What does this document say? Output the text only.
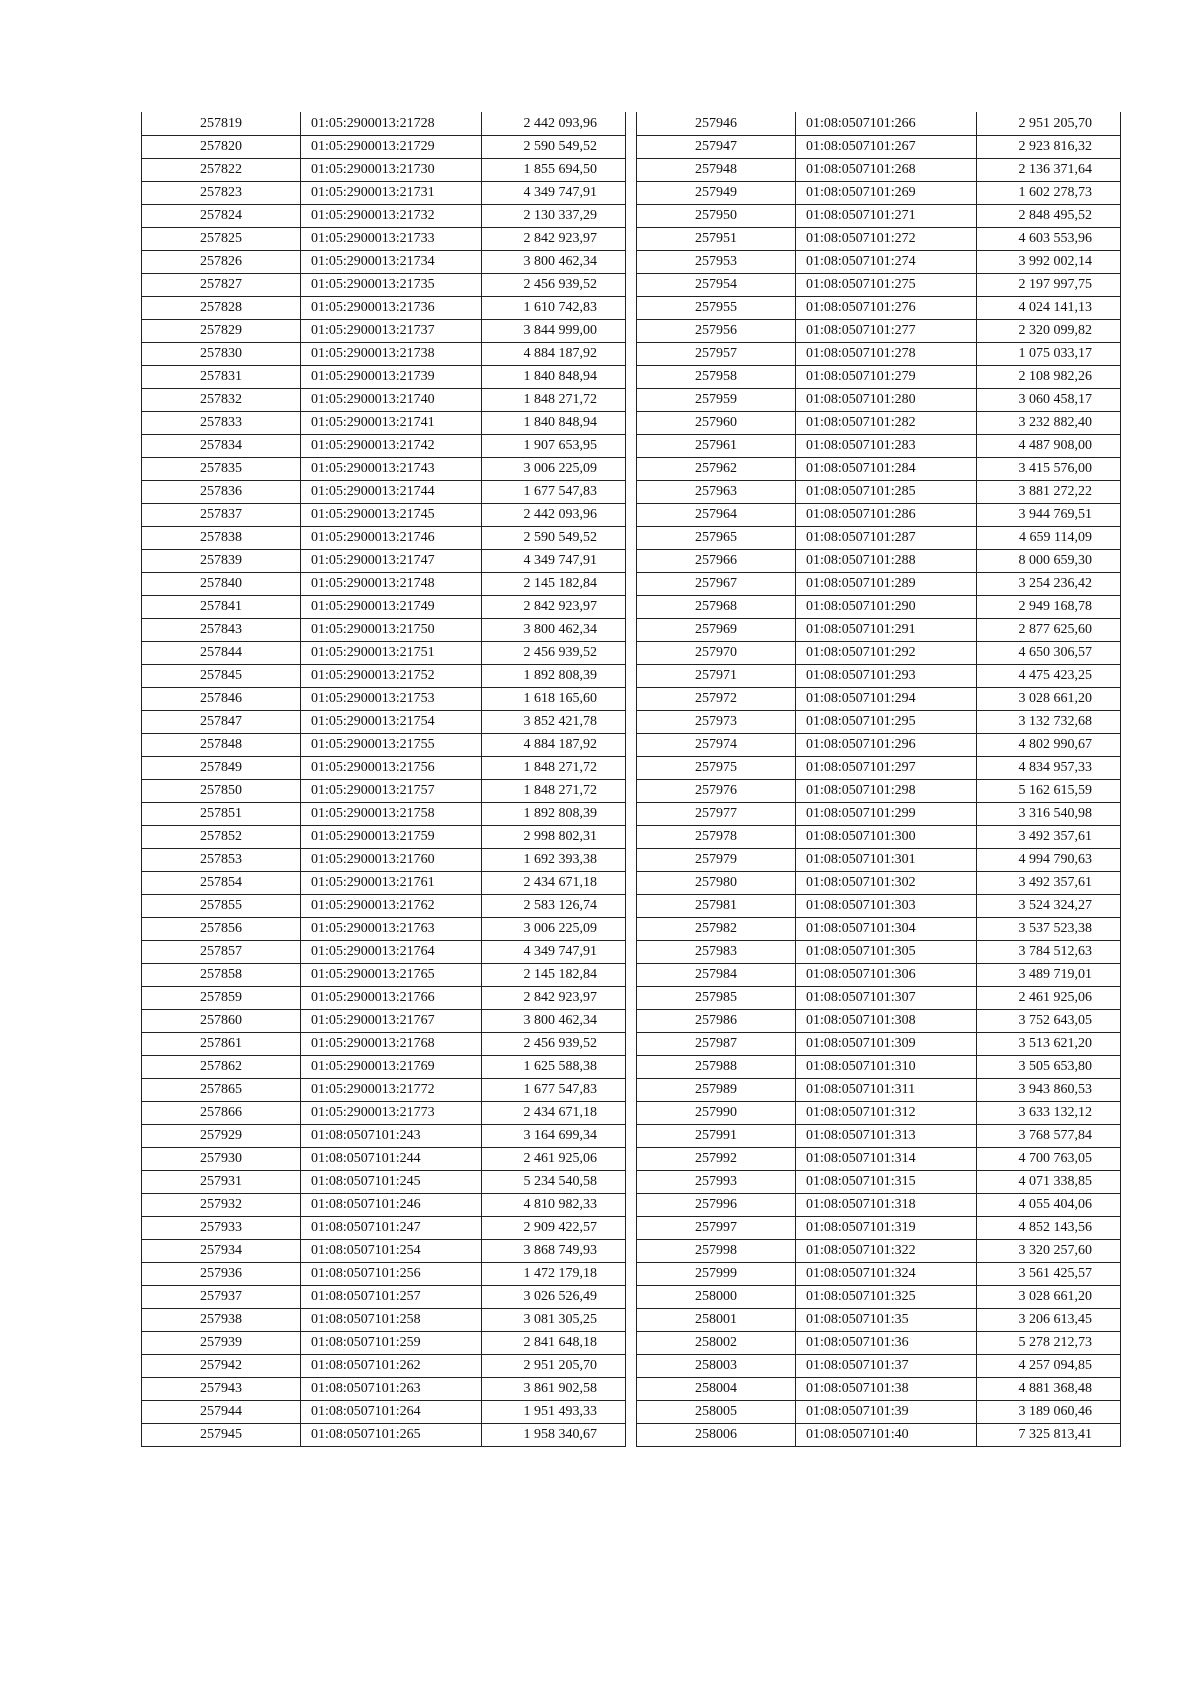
257819	01:05:2900013:21728	2 442 093,96
257820	01:05:2900013:21729	2 590 549,52
257822	01:05:2900013:21730	1 855 694,50
257823	01:05:2900013:21731	4 349 747,91
257824	01:05:2900013:21732	2 130 337,29
257825	01:05:2900013:21733	2 842 923,97
257826	01:05:2900013:21734	3 800 462,34
257827	01:05:2900013:21735	2 456 939,52
257828	01:05:2900013:21736	1 610 742,83
257829	01:05:2900013:21737	3 844 999,00
257830	01:05:2900013:21738	4 884 187,92
257831	01:05:2900013:21739	1 840 848,94
257832	01:05:2900013:21740	1 848 271,72
257833	01:05:2900013:21741	1 840 848,94
257834	01:05:2900013:21742	1 907 653,95
257835	01:05:2900013:21743	3 006 225,09
257836	01:05:2900013:21744	1 677 547,83
257837	01:05:2900013:21745	2 442 093,96
257838	01:05:2900013:21746	2 590 549,52
257839	01:05:2900013:21747	4 349 747,91
257840	01:05:2900013:21748	2 145 182,84
257841	01:05:2900013:21749	2 842 923,97
257843	01:05:2900013:21750	3 800 462,34
257844	01:05:2900013:21751	2 456 939,52
257845	01:05:2900013:21752	1 892 808,39
257846	01:05:2900013:21753	1 618 165,60
257847	01:05:2900013:21754	3 852 421,78
257848	01:05:2900013:21755	4 884 187,92
257849	01:05:2900013:21756	1 848 271,72
257850	01:05:2900013:21757	1 848 271,72
257851	01:05:2900013:21758	1 892 808,39
257852	01:05:2900013:21759	2 998 802,31
257853	01:05:2900013:21760	1 692 393,38
257854	01:05:2900013:21761	2 434 671,18
257855	01:05:2900013:21762	2 583 126,74
257856	01:05:2900013:21763	3 006 225,09
257857	01:05:2900013:21764	4 349 747,91
257858	01:05:2900013:21765	2 145 182,84
257859	01:05:2900013:21766	2 842 923,97
257860	01:05:2900013:21767	3 800 462,34
257861	01:05:2900013:21768	2 456 939,52
257862	01:05:2900013:21769	1 625 588,38
257865	01:05:2900013:21772	1 677 547,83
257866	01:05:2900013:21773	2 434 671,18
257929	01:08:0507101:243	3 164 699,34
257930	01:08:0507101:244	2 461 925,06
257931	01:08:0507101:245	5 234 540,58
257932	01:08:0507101:246	4 810 982,33
257933	01:08:0507101:247	2 909 422,57
257934	01:08:0507101:254	3 868 749,93
257936	01:08:0507101:256	1 472 179,18
257937	01:08:0507101:257	3 026 526,49
257938	01:08:0507101:258	3 081 305,25
257939	01:08:0507101:259	2 841 648,18
257942	01:08:0507101:262	2 951 205,70
257943	01:08:0507101:263	3 861 902,58
257944	01:08:0507101:264	1 951 493,33
257945	01:08:0507101:265	1 958 340,67
257946	01:08:0507101:266	2 951 205,70
257947	01:08:0507101:267	2 923 816,32
257948	01:08:0507101:268	2 136 371,64
257949	01:08:0507101:269	1 602 278,73
257950	01:08:0507101:271	2 848 495,52
257951	01:08:0507101:272	4 603 553,96
257953	01:08:0507101:274	3 992 002,14
257954	01:08:0507101:275	2 197 997,75
257955	01:08:0507101:276	4 024 141,13
257956	01:08:0507101:277	2 320 099,82
257957	01:08:0507101:278	1 075 033,17
257958	01:08:0507101:279	2 108 982,26
257959	01:08:0507101:280	3 060 458,17
257960	01:08:0507101:282	3 232 882,40
257961	01:08:0507101:283	4 487 908,00
257962	01:08:0507101:284	3 415 576,00
257963	01:08:0507101:285	3 881 272,22
257964	01:08:0507101:286	3 944 769,51
257965	01:08:0507101:287	4 659 114,09
257966	01:08:0507101:288	8 000 659,30
257967	01:08:0507101:289	3 254 236,42
257968	01:08:0507101:290	2 949 168,78
257969	01:08:0507101:291	2 877 625,60
257970	01:08:0507101:292	4 650 306,57
257971	01:08:0507101:293	4 475 423,25
257972	01:08:0507101:294	3 028 661,20
257973	01:08:0507101:295	3 132 732,68
257974	01:08:0507101:296	4 802 990,67
257975	01:08:0507101:297	4 834 957,33
257976	01:08:0507101:298	5 162 615,59
257977	01:08:0507101:299	3 316 540,98
257978	01:08:0507101:300	3 492 357,61
257979	01:08:0507101:301	4 994 790,63
257980	01:08:0507101:302	3 492 357,61
257981	01:08:0507101:303	3 524 324,27
257982	01:08:0507101:304	3 537 523,38
257983	01:08:0507101:305	3 784 512,63
257984	01:08:0507101:306	3 489 719,01
257985	01:08:0507101:307	2 461 925,06
257986	01:08:0507101:308	3 752 643,05
257987	01:08:0507101:309	3 513 621,20
257988	01:08:0507101:310	3 505 653,80
257989	01:08:0507101:311	3 943 860,53
257990	01:08:0507101:312	3 633 132,12
257991	01:08:0507101:313	3 768 577,84
257992	01:08:0507101:314	4 700 763,05
257993	01:08:0507101:315	4 071 338,85
257996	01:08:0507101:318	4 055 404,06
257997	01:08:0507101:319	4 852 143,56
257998	01:08:0507101:322	3 320 257,60
257999	01:08:0507101:324	3 561 425,57
258000	01:08:0507101:325	3 028 661,20
258001	01:08:0507101:35	3 206 613,45
258002	01:08:0507101:36	5 278 212,73
258003	01:08:0507101:37	4 257 094,85
258004	01:08:0507101:38	4 881 368,48
258005	01:08:0507101:39	3 189 060,46
258006	01:08:0507101:40	7 325 813,41
